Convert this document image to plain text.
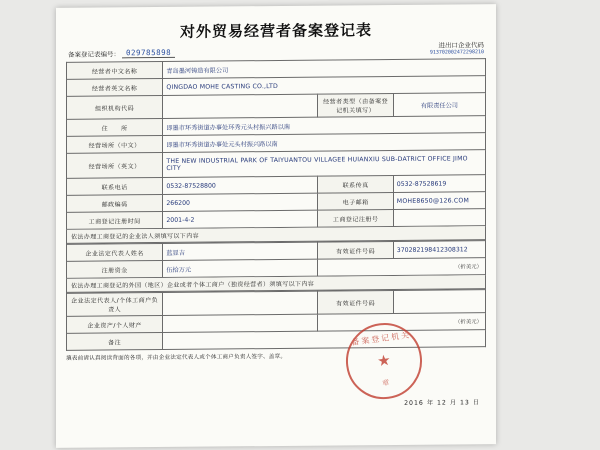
对外贸易经营者备案登记表
备案登记表编号： 029785898
进出口企业代码
913702002472298210
经营者中文名称	青岛墨河铸造有限公司		
经营者英文名称	QINGDAO MOHE CASTING CO.,LTD		
组织机构代码		经营者类型（由备案登记机关填写）	有限责任公司
住　　所	即墨市环秀街道办事处环秀元头村振兴路以南		
经营场所（中文）	即墨市环秀街道办事处元头村振兴路以南		
经营场所（英文）	THE NEW INDUSTRIAL PARK OF TAIYUANTOU VILLAGEE HUIANXIU SUB-DATRICT OFFICE JIMO CITY		
联系电话	0532-87528800	联系传真	0532-87528619
邮政编码	266200	电子邮箱	MOHE8650@126.COM
工商登记注册时间	2001-4-2	工商登记注册号	
依法办理工商登记的企业法人须填写以下内容
企业法定代表人姓名	蓝显吉	有效证件号码	370282198412308312
注册资金	伍拾万元	（折美元）	
依法办理工商登记的外国（地区）企业或者个体工商户（独资经营者）须填写以下内容
企业法定代表人/个体工商户负责人		有效证件号码	
企业资产/个人财产		（折美元）	

备注			
填表前请认真阅读背面的各项，并由企业法定代表人或个体工商户负责人签字、盖章。
备案登记机关
★
章
2016 年 12 月 13 日
